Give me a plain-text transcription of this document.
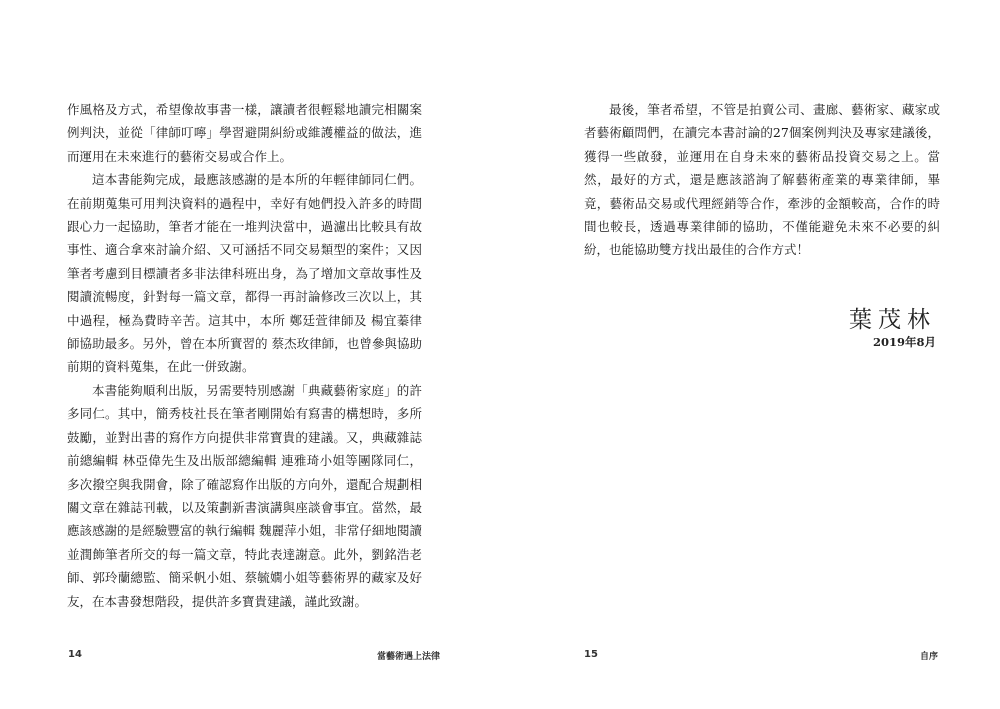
作風格及方式，希望像故事書一樣，讓讀者很輕鬆地讀完相關案例判決，並從「律師叮嚀」學習避開糾紛或維護權益的做法，進而運用在未來進行的藝術交易或合作上。

這本書能夠完成，最應該感謝的是本所的年輕律師同仁們。在前期蒐集可用判決資料的過程中，幸好有她們投入許多的時間跟心力一起協助，筆者才能在一堆判決當中，過濾出比較具有故事性、適合拿來討論介紹、又可涵括不同交易類型的案件；又因筆者考慮到目標讀者多非法律科班出身，為了增加文章故事性及閱讀流暢度，針對每一篇文章，都得一再討論修改三次以上，其中過程，極為費時辛苦。這其中，本所 鄭廷萱律師及 楊宜蓁律師協助最多。另外，曾在本所實習的 蔡杰玫律師，也曾參與協助前期的資料蒐集，在此一併致謝。

本書能夠順利出版，另需要特別感謝「典藏藝術家庭」的許多同仁。其中，簡秀枝社長在筆者剛開始有寫書的構想時，多所鼓勵，並對出書的寫作方向提供非常寶貴的建議。又，典藏雜誌前總編輯 林亞偉先生及出版部總編輯 連雅琦小姐等團隊同仁，多次撥空與我開會，除了確認寫作出版的方向外，還配合規劃相關文章在雜誌刊載，以及策劃新書演講與座談會事宜。當然，最應該感謝的是經驗豐富的執行編輯 魏麗萍小姐，非常仔細地閱讀並潤飾筆者所交的每一篇文章，特此表達謝意。此外，劉銘浩老師、郭玲蘭總監、簡采帆小姐、蔡毓嫺小姐等藝術界的藏家及好友，在本書發想階段，提供許多寶貴建議，謹此致謝。

14	當藝術遇上法律

最後，筆者希望，不管是拍賣公司、畫廊、藝術家、藏家或者藝術顧問們，在讀完本書討論的27個案例判決及專家建議後，獲得一些啟發，並運用在自身未來的藝術品投資交易之上。當然，最好的方式，還是應該諮詢了解藝術產業的專業律師，畢竟，藝術品交易或代理經銷等合作，牽涉的金額較高，合作的時間也較長，透過專業律師的協助，不僅能避免未來不必要的糾紛，也能協助雙方找出最佳的合作方式！

葉茂林
2019年8月
15	自序
